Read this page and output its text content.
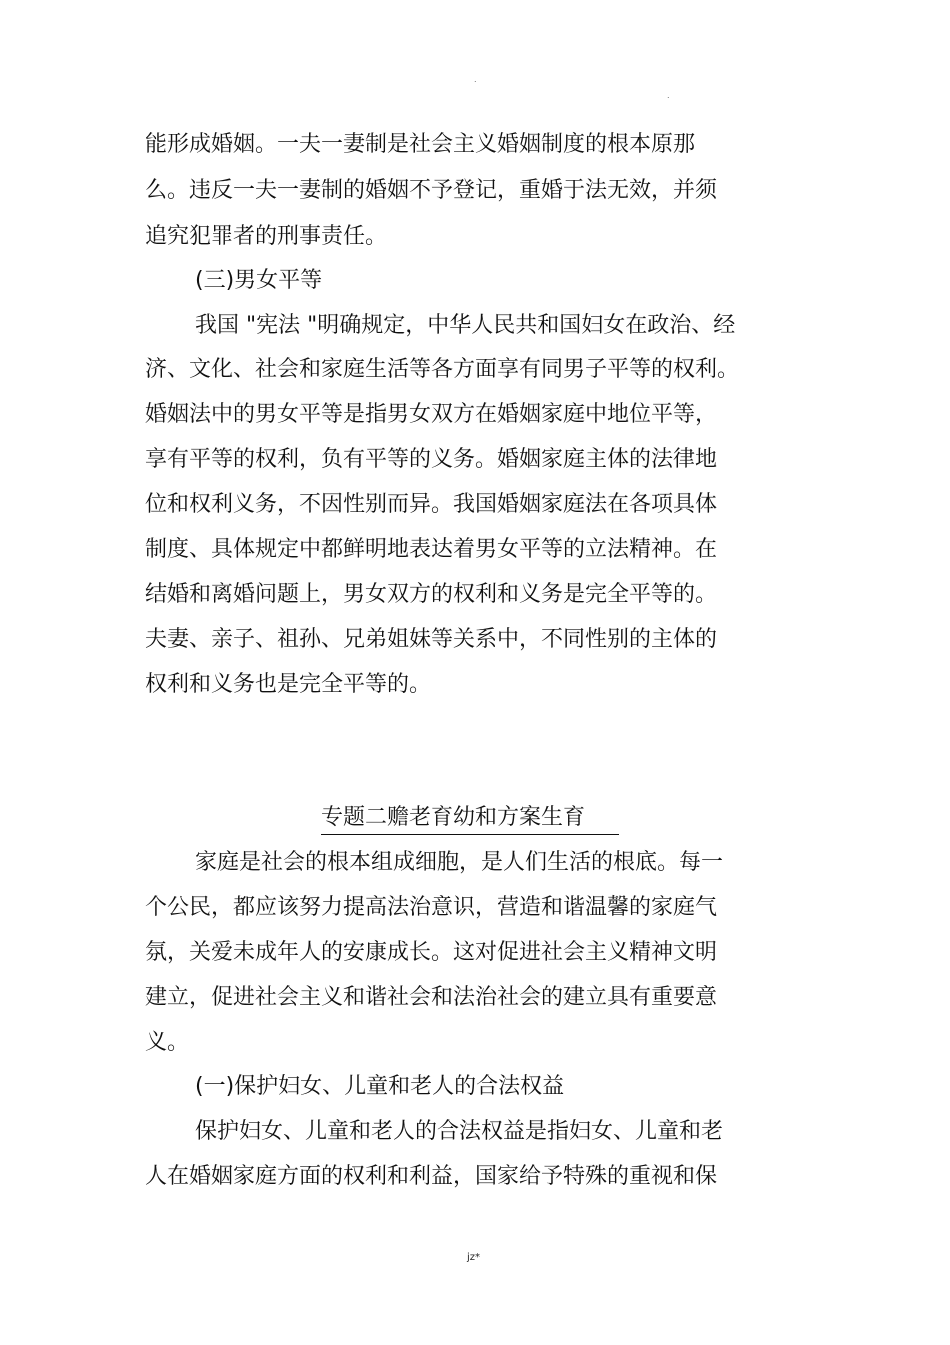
.
.
能形成婚姻。一夫一妻制是社会主义婚姻制度的根本原那
么。违反一夫一妻制的婚姻不予登记，重婚于法无效，并须
追究犯罪者的刑事责任。
(三)男女平等
我国 "宪法 "明确规定，中华人民共和国妇女在政治、经
济、文化、社会和家庭生活等各方面享有同男子平等的权利。
婚姻法中的男女平等是指男女双方在婚姻家庭中地位平等，
享有平等的权利，负有平等的义务。婚姻家庭主体的法律地
位和权利义务，不因性别而异。我国婚姻家庭法在各项具体
制度、具体规定中都鲜明地表达着男女平等的立法精神。在
结婚和离婚问题上，男女双方的权利和义务是完全平等的。
夫妻、亲子、祖孙、兄弟姐妹等关系中，不同性别的主体的
权利和义务也是完全平等的。
专题二赡老育幼和方案生育
家庭是社会的根本组成细胞，是人们生活的根底。每一
个公民，都应该努力提高法治意识，营造和谐温馨的家庭气
氛，关爱未成年人的安康成长。这对促进社会主义精神文明
建立，促进社会主义和谐社会和法治社会的建立具有重要意
义。
(一)保护妇女、儿童和老人的合法权益
保护妇女、儿童和老人的合法权益是指妇女、儿童和老
人在婚姻家庭方面的权利和利益，国家给予特殊的重视和保
jz*
